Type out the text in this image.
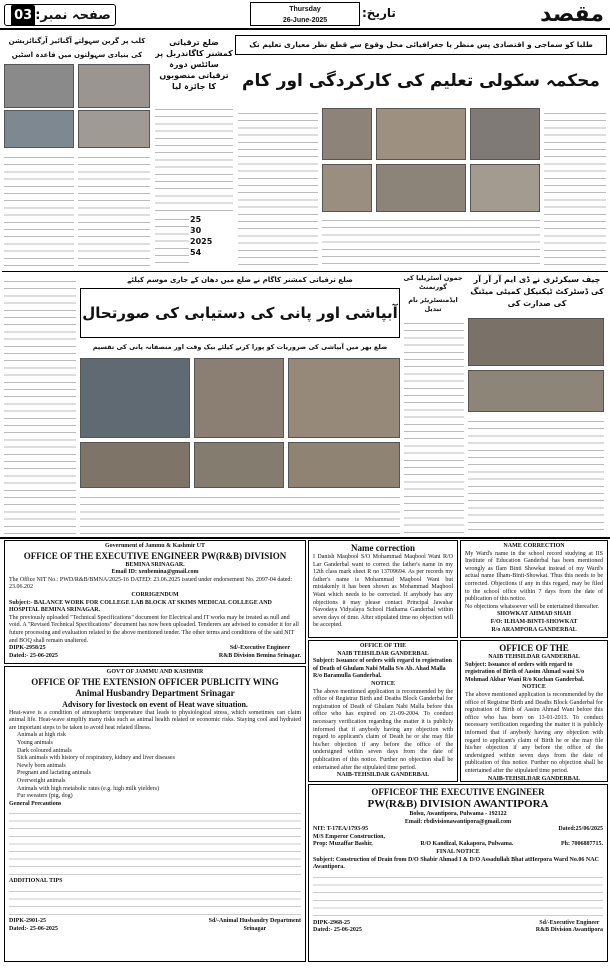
صفحہ نمبر:03	Thursday
26-June-2025
تاریخ:	مقصد
طلبا کو سماجی و اقتصادی پس منظر یا جغرافیائی محل وقوع سے قطع نظر معیاری تعلیم تک
محکمہ سکولی تعلیم کی کارکردگی اور کام
کلب پر گرین سہولتے آگنائیز آرگنائزیشن
کی بنیادی سہولتوں میں قاعدہ اسٹیں
ضلع ترقیاتی کمشنر کاگاندربل پر سائٹس دورہ ترقیاتی منصوبوں کا جائزہ لیا
25
30
2025
54
ضلع ترقیاتی کمشنر کاگام نے ضلع میں دھان کے جاری موسم کیلئے
آبپاشی اور پانی کی دستیابی کی صورتحال
ضلع بھر میں آبپاشی کی ضروریات کو پورا کرنے کیلئے بیک وقت اور منصفانہ پانی کی تقسیم
جموں آسٹریلیا کی گورنمنٹ
ایڈمنسٹریٹر نام تبدیل
چیف سیکرٹری نے ڈی ایم آر آر آر کی ڈسٹرکٹ ٹیکنیکل کمیٹی میٹنگ کی صدارت کی
Government of Jammu & Kashmir UT
OFFICE OF THE EXECUTIVE ENGINEER PW(R&B) DIVISION
BEMINA SRINAGAR.
Email ID: xenbemina@gmail.com
The Office NIT No.: PWD/R&B/BMNA/2025-16 DATED: 23.06.2025 issued under endorsement No. 2097-04 dated: 23.06.202
CORRIGENDUM
Subject:- BALANCE WORK FOR COLLEGE LAB BLOCK AT SKIMS MEDICAL COLLEGE AND HOSPITAL BEMINA SRINAGAR.
The previously uploaded "Technical Specifications" document for Electrical and IT works may be treated as null and void. A "Revised Technical Specifications" document has now been uploaded. Tenderers are advised to consider it for all future processing and evaluation related to the above mentioned tender. The other terms and conditions of the said NIT and BOQ shall remain unaltered.
DIPK-2958/25
Dated:- 25-06-2025
Sd/-Executive Engineer
R&B Division Bemina Srinagar.
Name correction
I Danish Maqbool S/O Mohammad Maqbool Wani R/O Lar Ganderbal want to correct the father's name in my 12th class mark sheet R no 13709694. As per records my father's name is Mohammad Maqbool Wani but mistakenly it has been shown as Mohammad Maqbool Wani which needs to be corrected. If anybody has any objections it may please contact Principal Jawahar Navodaya Vidyalaya School Hathama Ganderbal within seven days of time. After stipulated time no objection will be accepted.
NAME CORRECTION
My Ward's name in the school record studying at IIS Institute of Education Ganderbal has been mentioned wrongly as Ilam Binti Showkat instead of my Ward's actual name Ilham-Binti-Showkat. Thus this needs to be corrected. Objections if any in this regard, may be filed to the school office within 7 days from the date of publication of this notice.
No objections whatsoever will be entertained thereafter.
SHOWKAT AHMAD SHAH
F/O: ILHAM-BINTI-SHOWKAT
R/o ARAMPORA GANDERBAL
OFFICE OF THE
NAIB TEHSILDAR GANDERBAL
Subject: Issuance of orders with regard to registration of Death of Ghulam Nabi Malla S/o Ab. Ahad Malla R/o Baramulla Ganderbal.
NOTICE
The above mentioned application is recommended by the office of Registrar Birth and Deaths Block Ganderbal for registration of Death of Ghulam Nabi Malla before this office who has expired on 21-09-2004. To conduct necessary verification regarding the matter it is publicly informed that if anybody having any objection with regard to applicant's claim of Death he or she may file his/her objection if any before the office of the undersigned within seven days from the date of publication of this notice. Further no objection shall be entertained after the stipulated time period.
NAIB-TEHSILDAR GANDERBAL
OFFICE OF THE
NAIB TEHSILDAR GANDERBAL
Subject: Issuance of orders with regard to registration of Birth of Aasim Ahmad wani S/o Mohmad Akbar Wani R/o Kuchan Ganderbal.
NOTICE
The above mentioned application is recommended by the office of Registrar Birth and Deaths Block Ganderbal for registration of Birth of Aasim Ahmad Wani before this office who has born on 13-01-2013. To conduct necessary verification regarding the matter it is publicly informed that if anybody having any objection with regard to applicant's claim of Birth he or she may file his/her objection if any before the office of the undersigned within seven days from the date of publication of this notice. Further no objection shall be entertained after the stipulated time period.
NAIB-TEHSILDAR GANDERBAL
GOVT OF JAMMU AND KASHMIR
OFFICE OF THE EXTENSION OFFICER PUBLICITY WING
Animal Husbandry Department Srinagar
Advisory for livestock on event of Heat wave situation.
Heat-wave is a condition of atmospheric temperature that leads to physiological stress, which sometimes can claim animal life. Heat-wave simplify many risks such as animal health related or economic risks. Staying cool and hydrated are important steps to be taken to avoid heat related illness.
Animals at high risk
Young animals
Dark coloured animals
Sick animals with history of respiratory, kidney and liver diseases
Newly born animals
Pregnant and lactating animals
Overweight animals
Animals with high metabolic rates (e.g. high milk yielders)
Fur sweaters (pig, dog)
General Precautions
ADDITIONAL TIPS
DIPK-2901-25
Dated:- 25-06-2025
Sd/-Animal Husbandry Department
Srinagar
OFFICEOF THE EXECUTIVE ENGINEER
PW(R&B) DIVISION AWANTIPORA
Bolsu, Awantipora, Pulwama - 192122
Email: rbdivisionawantipora@gmail.com
NIT: T-17EA/1793-95	Dated:25/06/2025
M/S Emperor Construction,
Prop: Muzaffar Bashir,	R/O Kandizal, Kakapora, Pulwama.	Ph: 7006887715.
FINAL NOTICE
Subject: Construction of Drain from D/O Shabir Ahmad I & D/O Assadullah Bhat atHerpora Ward No.06 NAC Awantipora.
DIPK-2968-25
Dated:- 25-06-2025
Sd/-Executive Engineer
R&B Division Awantipora
